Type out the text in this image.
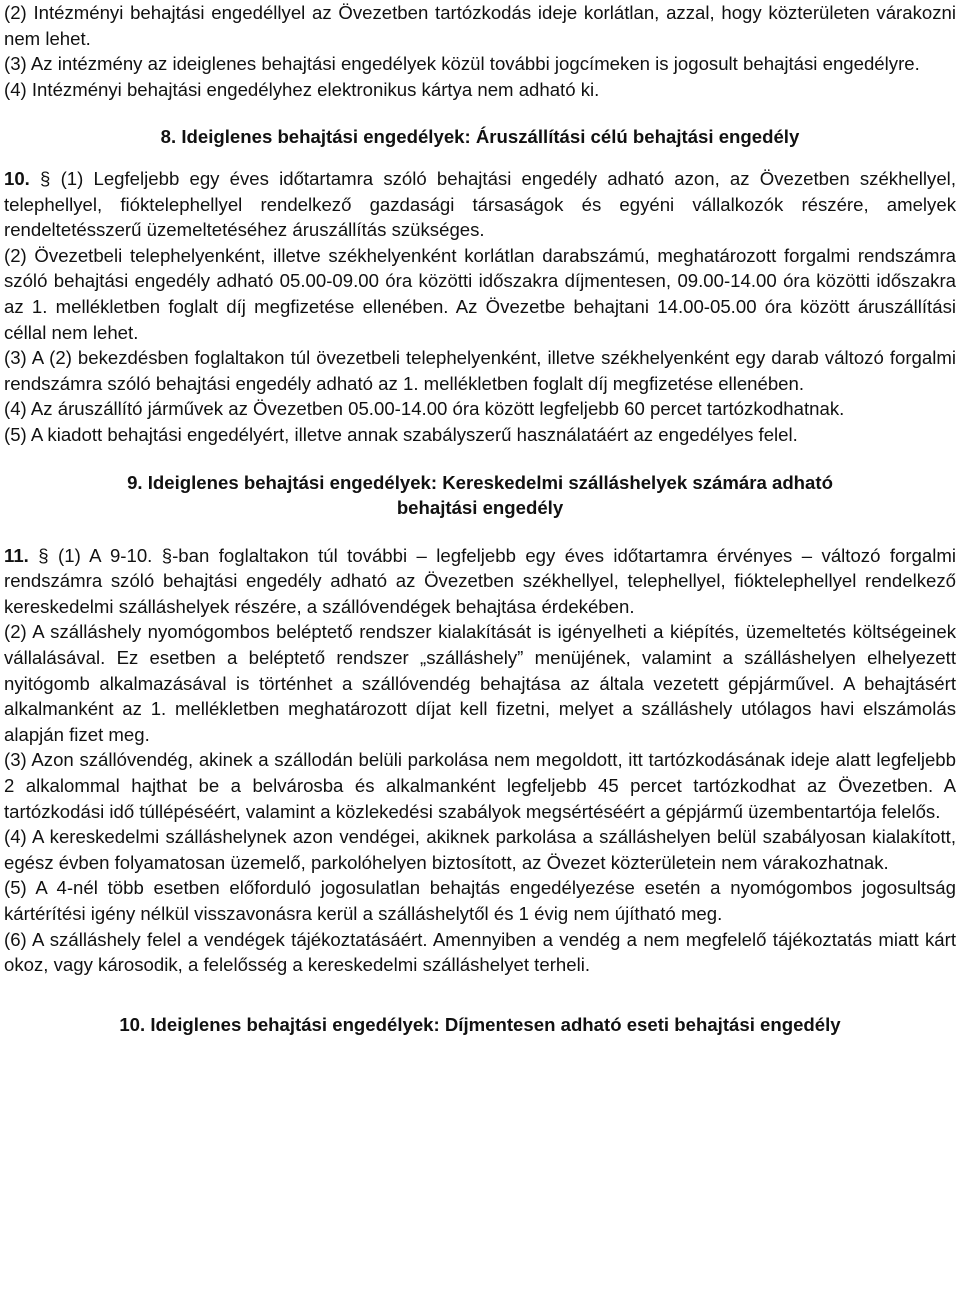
(2) Intézményi behajtási engedéllyel az Övezetben tartózkodás ideje korlátlan, azzal, hogy közterületen várakozni nem lehet.

(3) Az intézmény az ideiglenes behajtási engedélyek közül további jogcímeken is jogosult behajtási engedélyre.

(4) Intézményi behajtási engedélyhez elektronikus kártya nem adható ki.

8. Ideiglenes behajtási engedélyek: Áruszállítási célú behajtási engedély

10. § (1) Legfeljebb egy éves időtartamra szóló behajtási engedély adható azon, az Övezetben székhellyel, telephellyel, fióktelephellyel rendelkező gazdasági társaságok és egyéni vállalkozók részére, amelyek rendeltetésszerű üzemeltetéséhez áruszállítás szükséges.

(2) Övezetbeli telephelyenként, illetve székhelyenként korlátlan darabszámú, meghatározott forgalmi rendszámra szóló behajtási engedély adható 05.00-09.00 óra közötti időszakra díjmentesen, 09.00-14.00 óra közötti időszakra az 1. mellékletben foglalt díj megfizetése ellenében. Az Övezetbe behajtani 14.00-05.00 óra között áruszállítási céllal nem lehet.

(3) A (2) bekezdésben foglaltakon túl övezetbeli telephelyenként, illetve székhelyenként egy darab változó forgalmi rendszámra szóló behajtási engedély adható az 1. mellékletben foglalt díj megfizetése ellenében.

(4) Az áruszállító járművek az Övezetben 05.00-14.00 óra között legfeljebb 60 percet tartózkodhatnak.

(5) A kiadott behajtási engedélyért, illetve annak szabályszerű használatáért az engedélyes felel.

9. Ideiglenes behajtási engedélyek: Kereskedelmi szálláshelyek számára adható
behajtási engedély

11. § (1) A 9-10. §-ban foglaltakon túl további – legfeljebb egy éves időtartamra érvényes – változó forgalmi rendszámra szóló behajtási engedély adható az Övezetben székhellyel, telephellyel, fióktelephellyel rendelkező kereskedelmi szálláshelyek részére, a szállóvendégek behajtása érdekében.

(2) A szálláshely nyomógombos beléptető rendszer kialakítását is igényelheti a kiépítés, üzemeltetés költségeinek vállalásával. Ez esetben a beléptető rendszer „szálláshely” menüjének, valamint a szálláshelyen elhelyezett nyitógomb alkalmazásával is történhet a szállóvendég behajtása az általa vezetett gépjárművel. A behajtásért alkalmanként az 1. mellékletben meghatározott díjat kell fizetni, melyet a szálláshely utólagos havi elszámolás alapján fizet meg.

(3) Azon szállóvendég, akinek a szállodán belüli parkolása nem megoldott, itt tartózkodásának ideje alatt legfeljebb 2 alkalommal hajthat be a belvárosba és alkalmanként legfeljebb 45 percet tartózkodhat az Övezetben. A tartózkodási idő túllépéséért, valamint a közlekedési szabályok megsértéséért a gépjármű üzembentartója felelős.

(4) A kereskedelmi szálláshelynek azon vendégei, akiknek parkolása a szálláshelyen belül szabályosan kialakított, egész évben folyamatosan üzemelő, parkolóhelyen biztosított, az Övezet közterületein nem várakozhatnak.

(5) A 4-nél több esetben előforduló jogosulatlan behajtás engedélyezése esetén a nyomógombos jogosultság kártérítési igény nélkül visszavonásra kerül a szálláshelytől és 1 évig nem újítható meg.

(6) A szálláshely felel a vendégek tájékoztatásáért. Amennyiben a vendég a nem megfelelő tájékoztatás miatt kárt okoz, vagy károsodik, a felelősség a kereskedelmi szálláshelyet terheli.

10. Ideiglenes behajtási engedélyek: Díjmentesen adható eseti behajtási engedély
